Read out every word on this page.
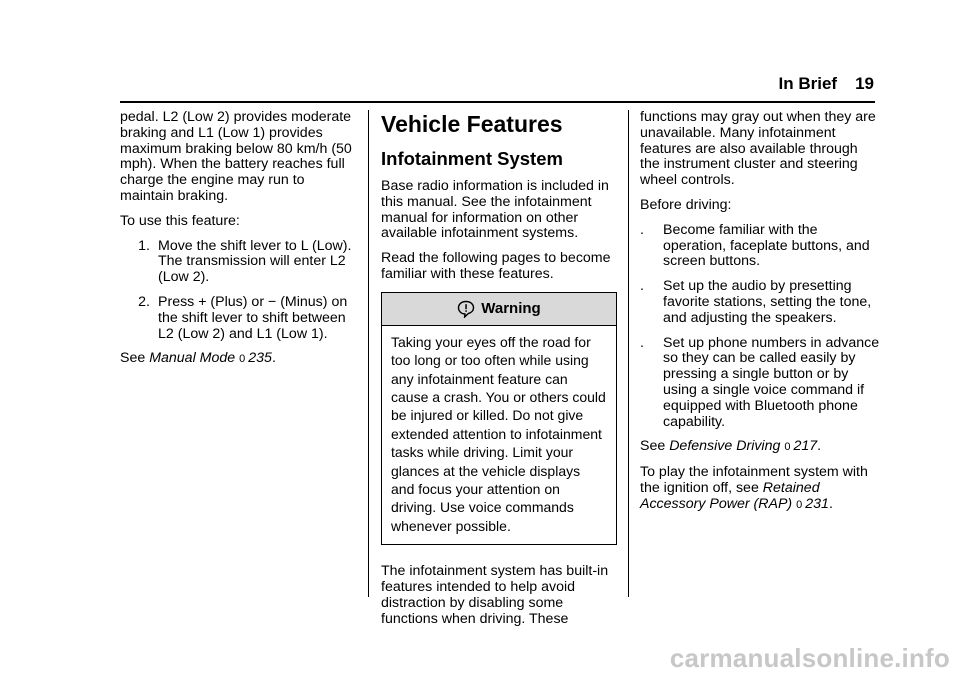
In Brief 19

pedal. L2 (Low 2) provides moderate braking and L1 (Low 1) provides maximum braking below 80 km/h (50 mph). When the battery reaches full charge the engine may run to maintain braking.

To use this feature:

1. Move the shift lever to L (Low). The transmission will enter L2 (Low 2).
2. Press + (Plus) or − (Minus) on the shift lever to shift between L2 (Low 2) and L1 (Low 1).

See Manual Mode 0 235.

Vehicle Features
Infotainment System

Base radio information is included in this manual. See the infotainment manual for information on other available infotainment systems.

Read the following pages to become familiar with these features.

Warning
Taking your eyes off the road for too long or too often while using any infotainment feature can cause a crash. You or others could be injured or killed. Do not give extended attention to infotainment tasks while driving. Limit your glances at the vehicle displays and focus your attention on driving. Use voice commands whenever possible.

The infotainment system has built-in features intended to help avoid distraction by disabling some functions when driving. These

functions may gray out when they are unavailable. Many infotainment features are also available through the instrument cluster and steering wheel controls.

Before driving:

.	Become familiar with the operation, faceplate buttons, and screen buttons.
.	Set up the audio by presetting favorite stations, setting the tone, and adjusting the speakers.
.	Set up phone numbers in advance so they can be called easily by pressing a single button or by using a single voice command if equipped with Bluetooth phone capability.

See Defensive Driving 0 217.

To play the infotainment system with the ignition off, see Retained Accessory Power (RAP) 0 231.

carmanualsonline.info
